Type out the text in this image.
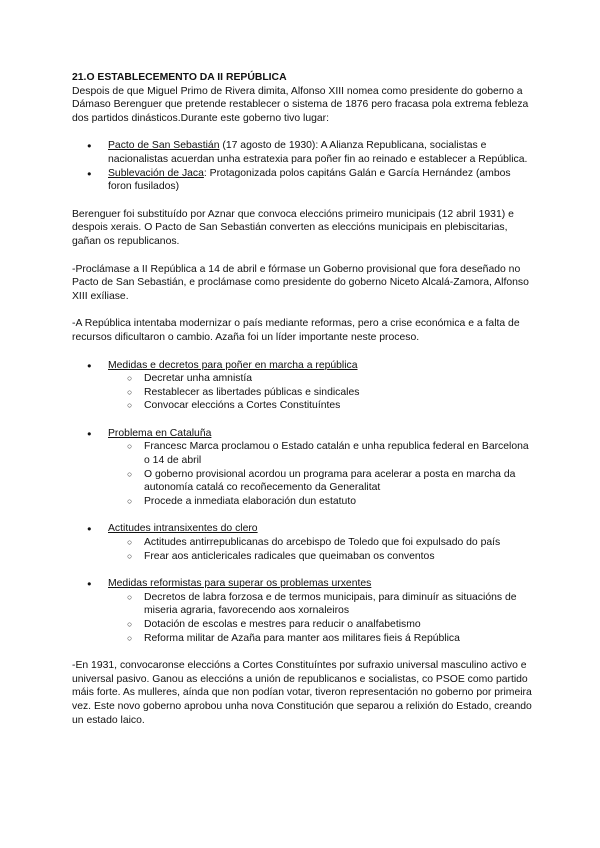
21.O ESTABLECEMENTO DA II REPÚBLICA

Despois de que Miguel Primo de Rivera dimita, Alfonso XIII nomea como presidente do goberno a Dámaso Berenguer que pretende restablecer o sistema de 1876 pero fracasa pola extrema febleza dos partidos dinásticos.Durante este goberno tivo lugar:

● Pacto de San Sebastián (17 agosto de 1930): A Alianza Republicana, socialistas e nacionalistas acuerdan unha estratexia para poñer fin ao reinado e establecer a República.
● Sublevación de Jaca: Protagonizada polos capitáns Galán e García Hernández (ambos foron fusilados)

Berenguer foi substituído por Aznar que convoca eleccións primeiro municipais (12 abril 1931) e despois xerais. O Pacto de San Sebastián converten as eleccións municipais en plebiscitarias, gañan os republicanos.

-Proclámase a II República a 14 de abril e fórmase un Goberno provisional que fora deseñado no Pacto de San Sebastián, e proclámase como presidente do goberno Niceto Alcalá-Zamora, Alfonso XIII exíliase.

-A República intentaba modernizar o país mediante reformas, pero a crise económica e a falta de recursos dificultaron o cambio. Azaña foi un líder importante neste proceso.

● Medidas e decretos para poñer en marcha a república
○ Decretar unha amnistía
○ Restablecer as libertades públicas e sindicales
○ Convocar eleccións a Cortes Constituíntes
● Problema en Cataluña
○ Francesc Marca proclamou o Estado catalán e unha republica federal en Barcelona o 14 de abril
○ O goberno provisional acordou un programa para acelerar a posta en marcha da autonomía catalá co recoñecemento da Generalitat
○ Procede a inmediata elaboración dun estatuto
● Actitudes intransixentes do clero
○ Actitudes antirrepublicanas do arcebispo de Toledo que foi expulsado do país
○ Frear aos anticlericales radicales que queimaban os conventos
● Medidas reformistas para superar os problemas urxentes
○ Decretos de labra forzosa e de termos municipais, para diminuír as situacións de miseria agraria, favorecendo aos xornaleiros
○ Dotación de escolas e mestres para reducir o analfabetismo
○ Reforma militar de Azaña para manter aos militares fieis á República

-En 1931, convocaronse eleccións a Cortes Constituíntes por sufraxio universal masculino activo e universal pasivo. Ganou as eleccións a unión de republicanos e socialistas, co PSOE como partido máis forte. As mulleres, aínda que non podían votar, tiveron representación no goberno por primeira vez. Este novo goberno aprobou unha nova Constitución que separou a relixión do Estado, creando un estado laico.
